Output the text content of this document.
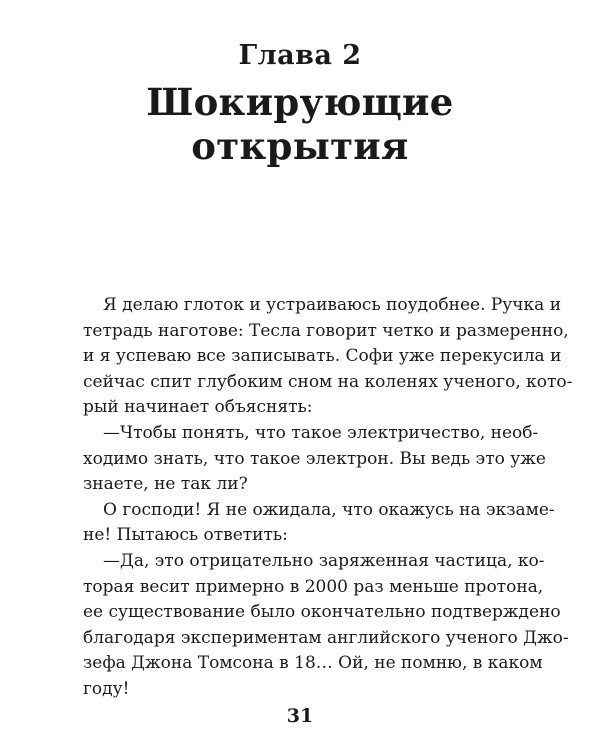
Глава 2
Шокирующие
открытия
Я делаю глоток и устраиваюсь поудобнее. Ручка и
тетрадь наготове: Тесла говорит четко и размеренно,
и я успеваю все записывать. Софи уже перекусила и
сейчас спит глубоким сном на коленях ученого, кото-
рый начинает объяснять:
—Чтобы понять, что такое электричество, необ-
ходимо знать, что такое электрон. Вы ведь это уже
знаете, не так ли?
О господи! Я не ожидала, что окажусь на экзаме-
не! Пытаюсь ответить:
—Да, это отрицательно заряженная частица, ко-
торая весит примерно в 2000 раз меньше протона,
ее существование было окончательно подтверждено
благодаря экспериментам английского ученого Джо-
зефа Джона Томсона в 18… Ой, не помню, в каком
году!
31
